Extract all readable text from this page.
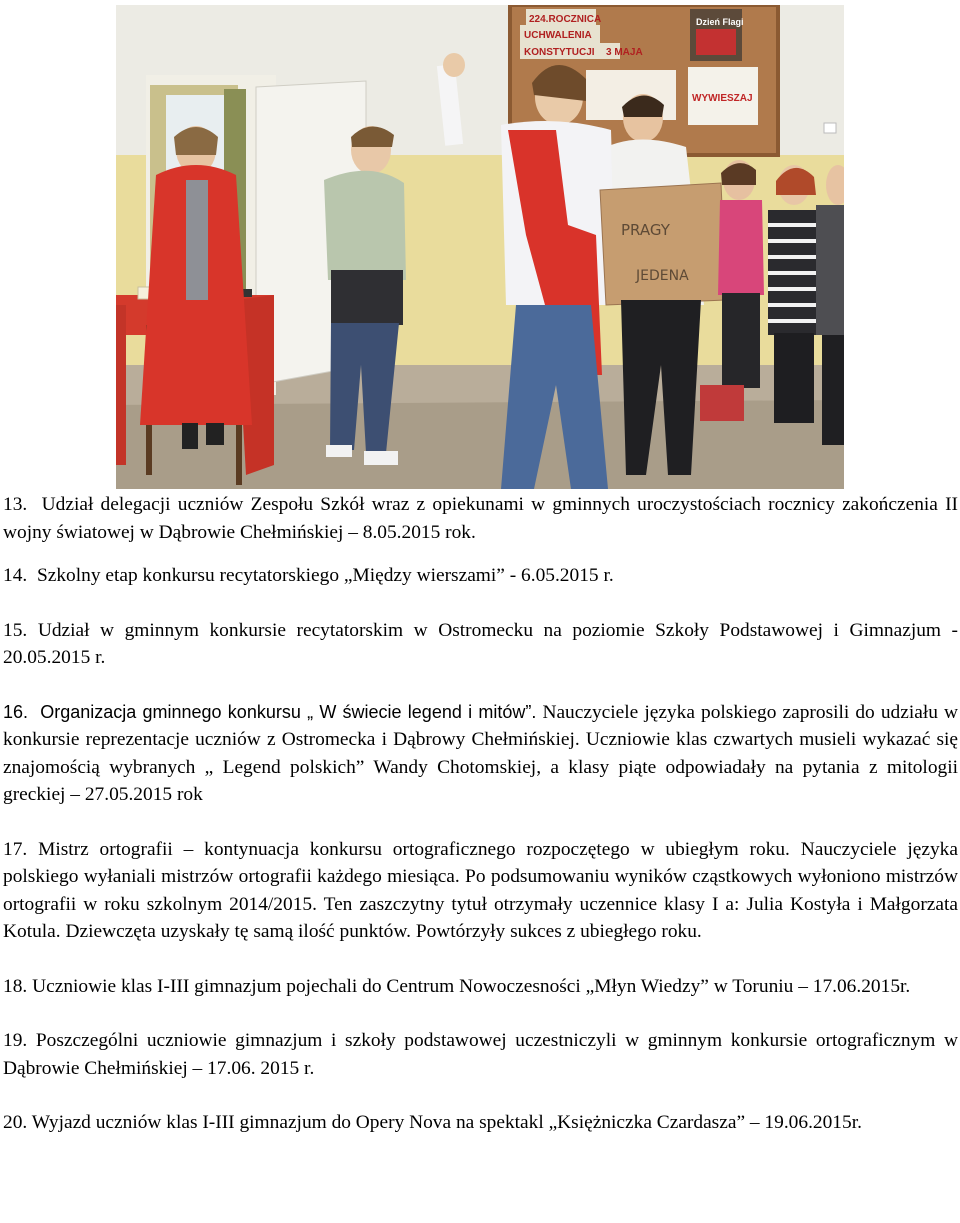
224.ROCZNICA
UCHWALENIA
KONSTYTUCJI 3 MAJA
Dzień Flagi
WYWIESZAJ
PRAGY
JEDENA

13. Udział delegacji uczniów Zespołu Szkół wraz z opiekunami w gminnych uroczystościach rocznicy zakończenia II wojny światowej w Dąbrowie Chełmińskiej – 8.05.2015 rok.

14. Szkolny etap konkursu recytatorskiego „Między wierszami” - 6.05.2015 r.

15. Udział w gminnym konkursie recytatorskim w Ostromecku na poziomie Szkoły Podstawowej i Gimnazjum - 20.05.2015 r.

16. Organizacja gminnego konkursu „ W świecie legend i mitów”. Nauczyciele języka polskiego zaprosili do udziału w konkursie reprezentacje uczniów z Ostromecka i Dąbrowy Chełmińskiej. Uczniowie klas czwartych musieli wykazać się znajomością wybranych „ Legend polskich” Wandy Chotomskiej, a klasy piąte odpowiadały na pytania z mitologii greckiej – 27.05.2015 rok

17. Mistrz ortografii – kontynuacja konkursu ortograficznego rozpoczętego w ubiegłym roku. Nauczyciele języka polskiego wyłaniali mistrzów ortografii każdego miesiąca. Po podsumowaniu wyników cząstkowych wyłoniono mistrzów ortografii w roku szkolnym 2014/2015. Ten zaszczytny tytuł otrzymały uczennice klasy I a: Julia Kostyła i Małgorzata Kotula. Dziewczęta uzyskały tę samą ilość punktów. Powtórzyły sukces z ubiegłego roku.

18. Uczniowie klas I-III gimnazjum pojechali do Centrum Nowoczesności „Młyn Wiedzy” w Toruniu – 17.06.2015r.

19. Poszczególni uczniowie gimnazjum i szkoły podstawowej uczestniczyli w gminnym konkursie ortograficznym w Dąbrowie Chełmińskiej – 17.06. 2015 r.

20. Wyjazd uczniów klas I-III gimnazjum do Opery Nova na spektakl „Księżniczka Czardasza” – 19.06.2015r.
